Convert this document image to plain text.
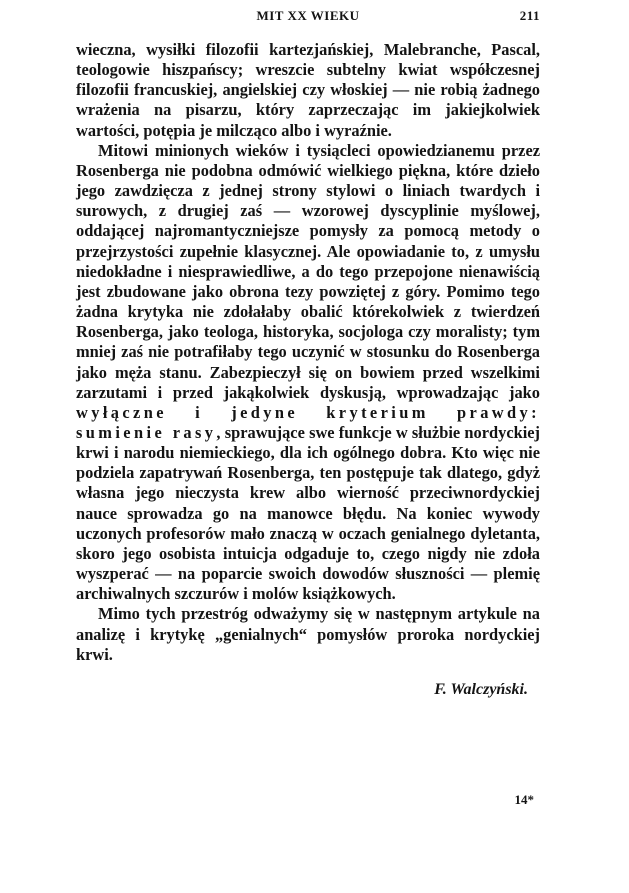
MIT XX WIEKU	211

wieczna, wysiłki filozofii kartezjańskiej, Malebranche, Pascal, teologowie hiszpańscy; wreszcie subtelny kwiat współczesnej filozofii francuskiej, angielskiej czy włoskiej — nie robią żadnego wrażenia na pisarzu, który zaprzeczając im jakiejkolwiek wartości, potępia je milcząco albo i wyraźnie.

Mitowi minionych wieków i tysiącleci opowiedzianemu przez Rosenberga nie podobna odmówić wielkiego piękna, które dzieło jego zawdzięcza z jednej strony stylowi o liniach twardych i surowych, z drugiej zaś — wzorowej dyscyplinie myślowej, oddającej najromantyczniejsze pomysły za pomocą metody o przejrzystości zupełnie klasycznej. Ale opowiadanie to, z umysłu niedokładne i niesprawiedliwe, a do tego przepojone nienawiścią jest zbudowane jako obrona tezy powziętej z góry. Pomimo tego żadna krytyka nie zdołałaby obalić którekolwiek z twierdzeń Rosenberga, jako teologa, historyka, socjologa czy moralisty; tym mniej zaś nie potrafiłaby tego uczynić w stosunku do Rosenberga jako męża stanu. Zabezpieczył się on bowiem przed wszelkimi zarzutami i przed jakąkolwiek dyskusją, wprowadzając jako wyłączne i jedyne kryterium prawdy: sumienie rasy, sprawujące swe funkcje w służbie nordyckiej krwi i narodu niemieckiego, dla ich ogólnego dobra. Kto więc nie podziela zapatrywań Rosenberga, ten postępuje tak dlatego, gdyż własna jego nieczysta krew albo wierność przeciwnordyckiej nauce sprowadza go na manowce błędu. Na koniec wywody uczonych profesorów mało znaczą w oczach genialnego dyletanta, skoro jego osobista intuicja odgaduje to, czego nigdy nie zdoła wyszperać — na poparcie swoich dowodów słuszności — plemię archiwalnych szczurów i molów książkowych.

Mimo tych przestróg odważymy się w następnym artykule na analizę i krytykę „genialnych“ pomysłów proroka nordyckiej krwi.

F. Walczyński.
14*
